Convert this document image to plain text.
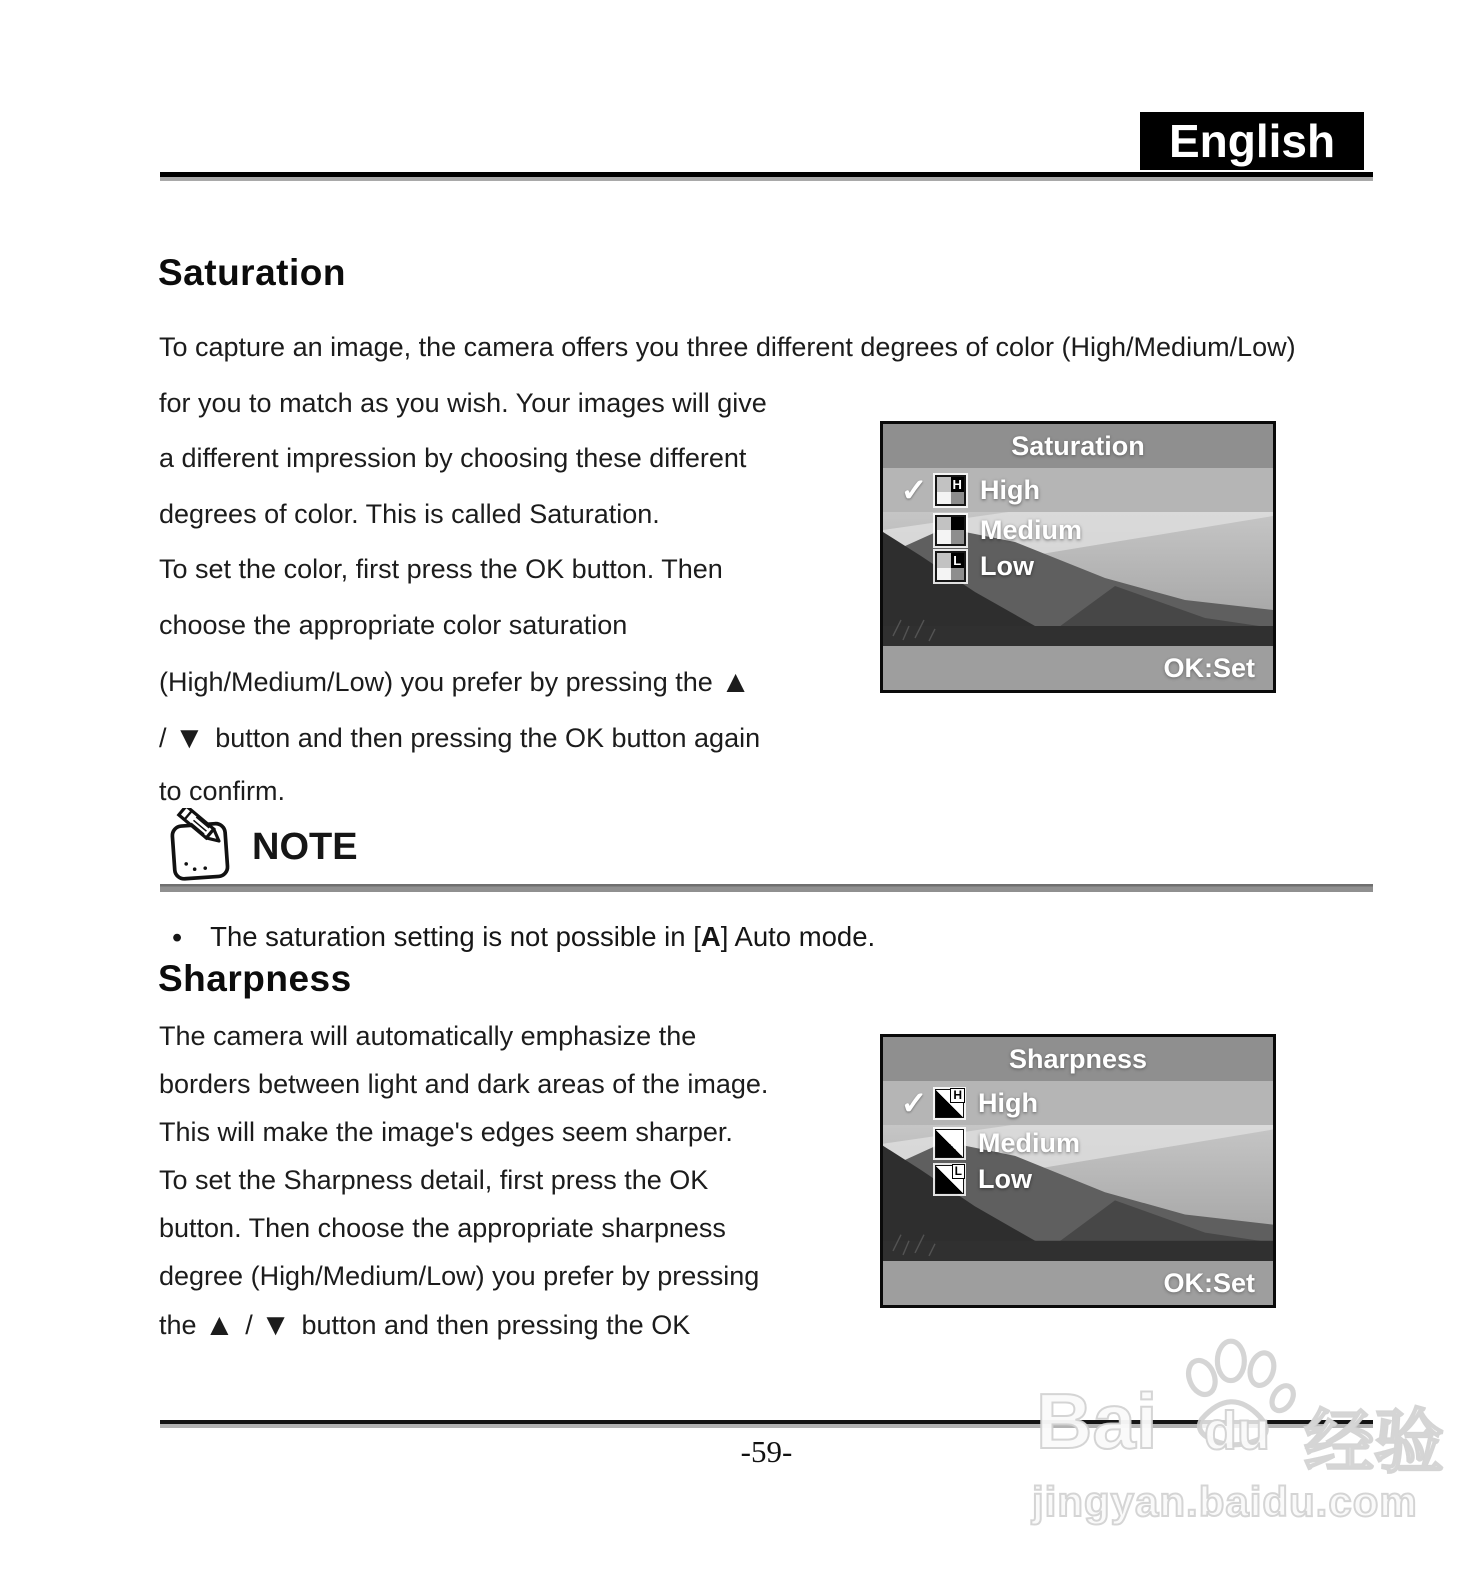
English
Saturation
To capture an image, the camera offers you three different degrees of color (High/Medium/Low)
for you to match as you wish. Your images will give
a different impression by choosing these different
degrees of color. This is called Saturation.
To set the color, first press the OK button. Then
choose the appropriate color saturation
(High/Medium/Low) you prefer by pressing the ▲
/ ▼ button and then pressing the OK button again
to confirm.
Saturation
✓	H High
Medium
L Low
OK:Set
NOTE
• The saturation setting is not possible in [A] Auto mode.
Sharpness
The camera will automatically emphasize the
borders between light and dark areas of the image.
This will make the image's edges seem sharper.
To set the Sharpness detail, first press the OK
button. Then choose the appropriate sharpness
degree (High/Medium/Low) you prefer by pressing
the ▲ / ▼ button and then pressing the OK
Sharpness
✓	H High
Medium
L Low
OK:Set
-59-	Bai du 经验
jingyan.baidu.com
